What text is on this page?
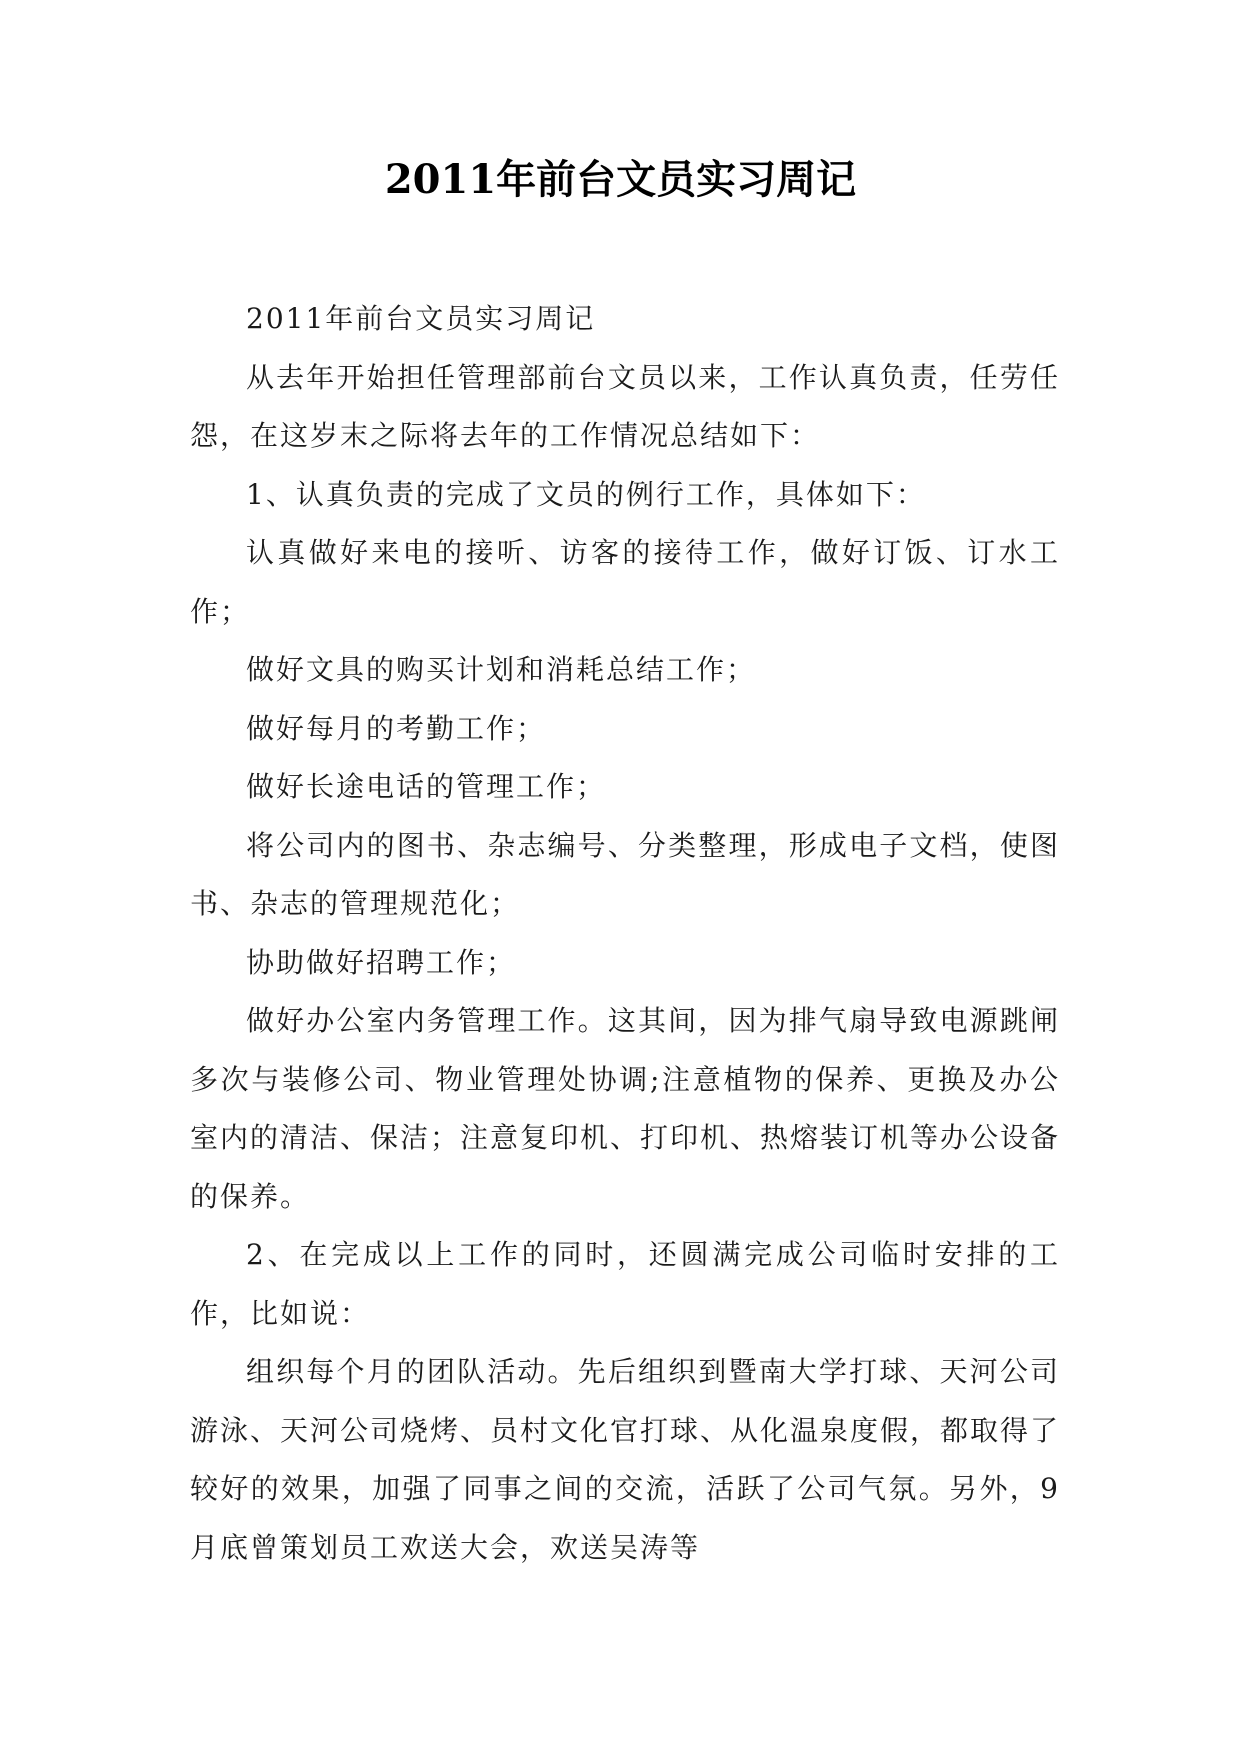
2011年前台文员实习周记

2011年前台文员实习周记

从去年开始担任管理部前台文员以来，工作认真负责，任劳任怨，在这岁末之际将去年的工作情况总结如下：

1、认真负责的完成了文员的例行工作，具体如下：

认真做好来电的接听、访客的接待工作，做好订饭、订水工作；

做好文具的购买计划和消耗总结工作；

做好每月的考勤工作；

做好长途电话的管理工作；

将公司内的图书、杂志编号、分类整理，形成电子文档，使图书、杂志的管理规范化；

协助做好招聘工作；

做好办公室内务管理工作。这其间，因为排气扇导致电源跳闸多次与装修公司、物业管理处协调;注意植物的保养、更换及办公室内的清洁、保洁；注意复印机、打印机、热熔装订机等办公设备的保养。

2、在完成以上工作的同时，还圆满完成公司临时安排的工作，比如说：

组织每个月的团队活动。先后组织到暨南大学打球、天河公司游泳、天河公司烧烤、员村文化官打球、从化温泉度假，都取得了较好的效果，加强了同事之间的交流，活跃了公司气氛。另外，9月底曾策划员工欢送大会，欢送吴涛等
